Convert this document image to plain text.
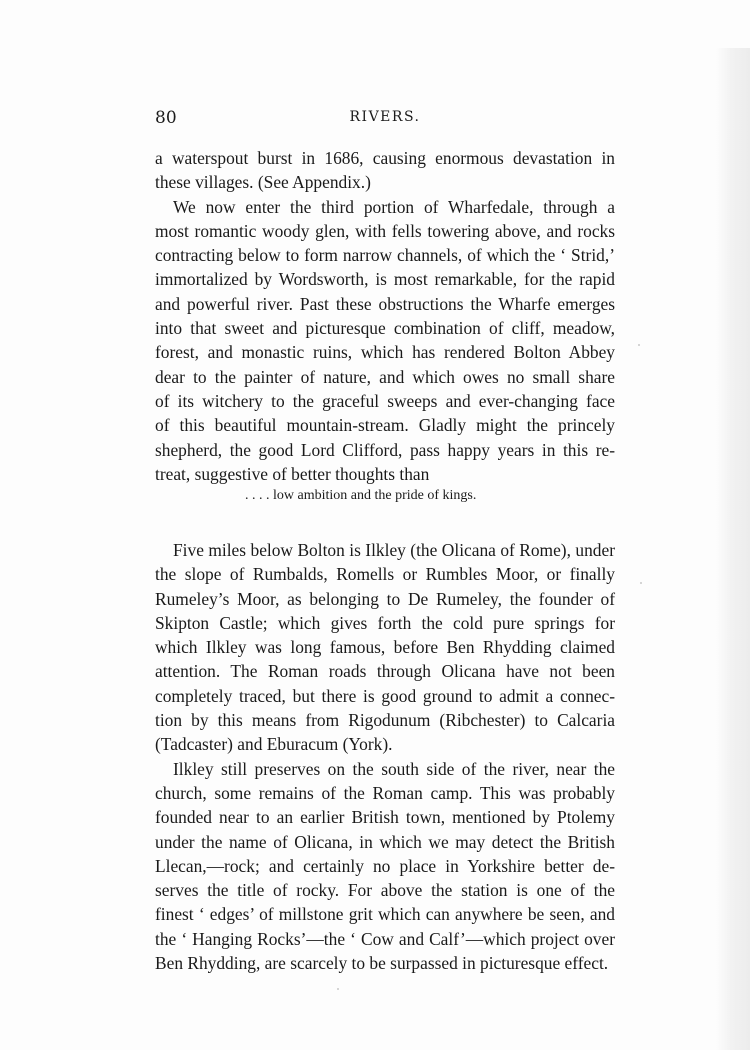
80	RIVERS.
a waterspout burst in 1686, causing enormous devastation in
these villages. (See Appendix.)
We now enter the third portion of Wharfedale, through a
most romantic woody glen, with fells towering above, and rocks
contracting below to form narrow channels, of which the ‘ Strid,’
immortalized by Wordsworth, is most remarkable, for the rapid
and powerful river. Past these obstructions the Wharfe emerges
into that sweet and picturesque combination of cliff, meadow,
forest, and monastic ruins, which has rendered Bolton Abbey
dear to the painter of nature, and which owes no small share
of its witchery to the graceful sweeps and ever-changing face
of this beautiful mountain-stream. Gladly might the princely
shepherd, the good Lord Clifford, pass happy years in this re-
treat, suggestive of better thoughts than
. . . . low ambition and the pride of kings.
Five miles below Bolton is Ilkley (the Olicana of Rome), under
the slope of Rumbalds, Romells or Rumbles Moor, or finally
Rumeley’s Moor, as belonging to De Rumeley, the founder of
Skipton Castle; which gives forth the cold pure springs for
which Ilkley was long famous, before Ben Rhydding claimed
attention. The Roman roads through Olicana have not been
completely traced, but there is good ground to admit a connec-
tion by this means from Rigodunum (Ribchester) to Calcaria
(Tadcaster) and Eburacum (York).
Ilkley still preserves on the south side of the river, near the
church, some remains of the Roman camp. This was probably
founded near to an earlier British town, mentioned by Ptolemy
under the name of Olicana, in which we may detect the British
Llecan,—rock; and certainly no place in Yorkshire better de-
serves the title of rocky. For above the station is one of the
finest ‘ edges’ of millstone grit which can anywhere be seen, and
the ‘ Hanging Rocks’—the ‘ Cow and Calf’—which project over
Ben Rhydding, are scarcely to be surpassed in picturesque effect.
